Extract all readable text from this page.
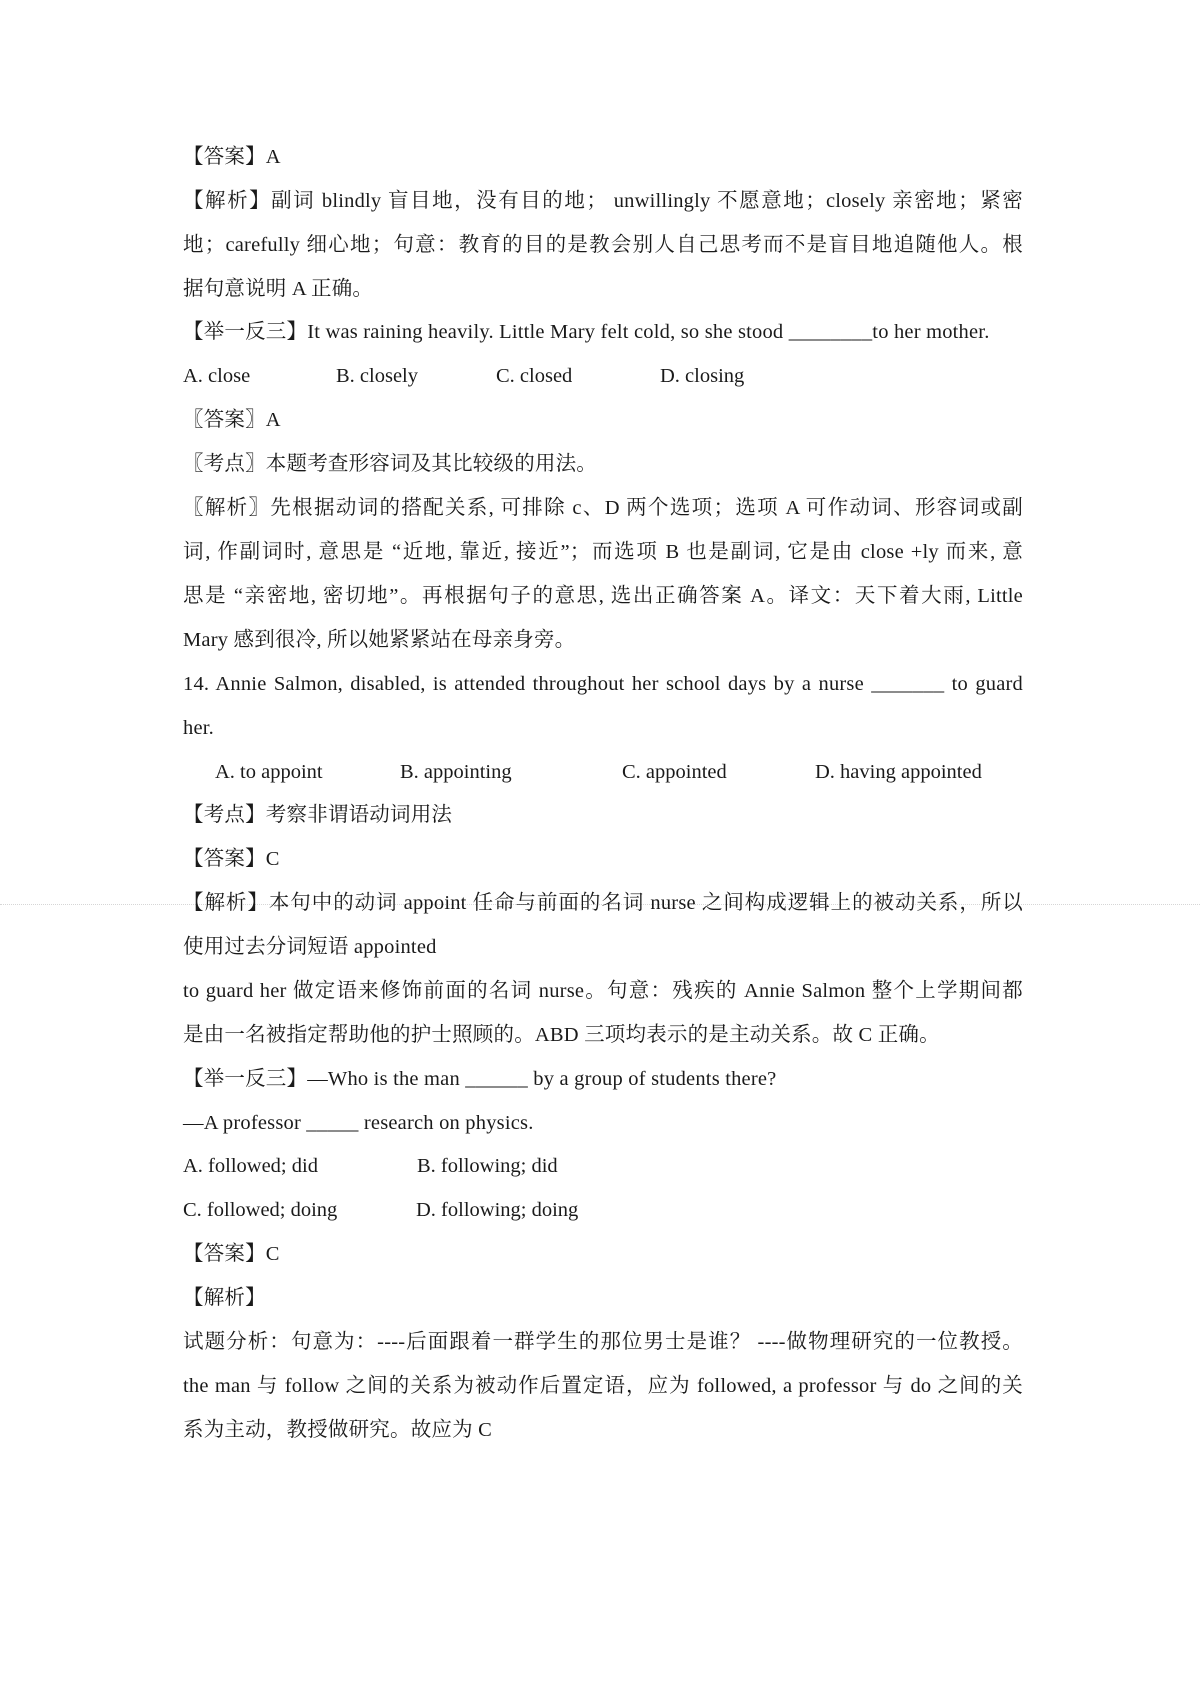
【答案】A
【解析】副词 blindly 盲目地，没有目的地； unwillingly 不愿意地；closely 亲密地；紧密
地；carefully 细心地；句意：教育的目的是教会别人自己思考而不是盲目地追随他人。根
据句意说明 A 正确。
【举一反三】It was raining heavily. Little Mary felt cold, so she stood ________to her mother.
A. close	B. closely	C. closed	D. closing
〖答案〗A
〖考点〗本题考查形容词及其比较级的用法。
〖解析〗先根据动词的搭配关系, 可排除 c、D 两个选项；选项 A 可作动词、形容词或副
词, 作副词时, 意思是 “近地, 靠近, 接近”；而选项 B 也是副词, 它是由 close +ly 而来, 意
思是 “亲密地, 密切地”。再根据句子的意思, 选出正确答案 A。译文：天下着大雨, Little
Mary 感到很冷, 所以她紧紧站在母亲身旁。
14. Annie Salmon, disabled, is attended throughout her school days by a nurse _______ to guard
her.
A. to appoint	B. appointing	C. appointed	D. having appointed
【考点】考察非谓语动词用法
【答案】C
【解析】本句中的动词 appoint 任命与前面的名词 nurse 之间构成逻辑上的被动关系，所以
使用过去分词短语 appointed
to guard her 做定语来修饰前面的名词 nurse。句意：残疾的 Annie Salmon 整个上学期间都
是由一名被指定帮助他的护士照顾的。ABD 三项均表示的是主动关系。故 C 正确。
【举一反三】—Who is the man ______ by a group of students there?
—A professor _____ research on physics.
A. followed; did	B. following; did
C. followed; doing	D. following; doing
【答案】C
【解析】
试题分析：句意为：----后面跟着一群学生的那位男士是谁？ ----做物理研究的一位教授。
the man 与 follow 之间的关系为被动作后置定语，应为 followed, a professor 与 do 之间的关
系为主动，教授做研究。故应为 C
